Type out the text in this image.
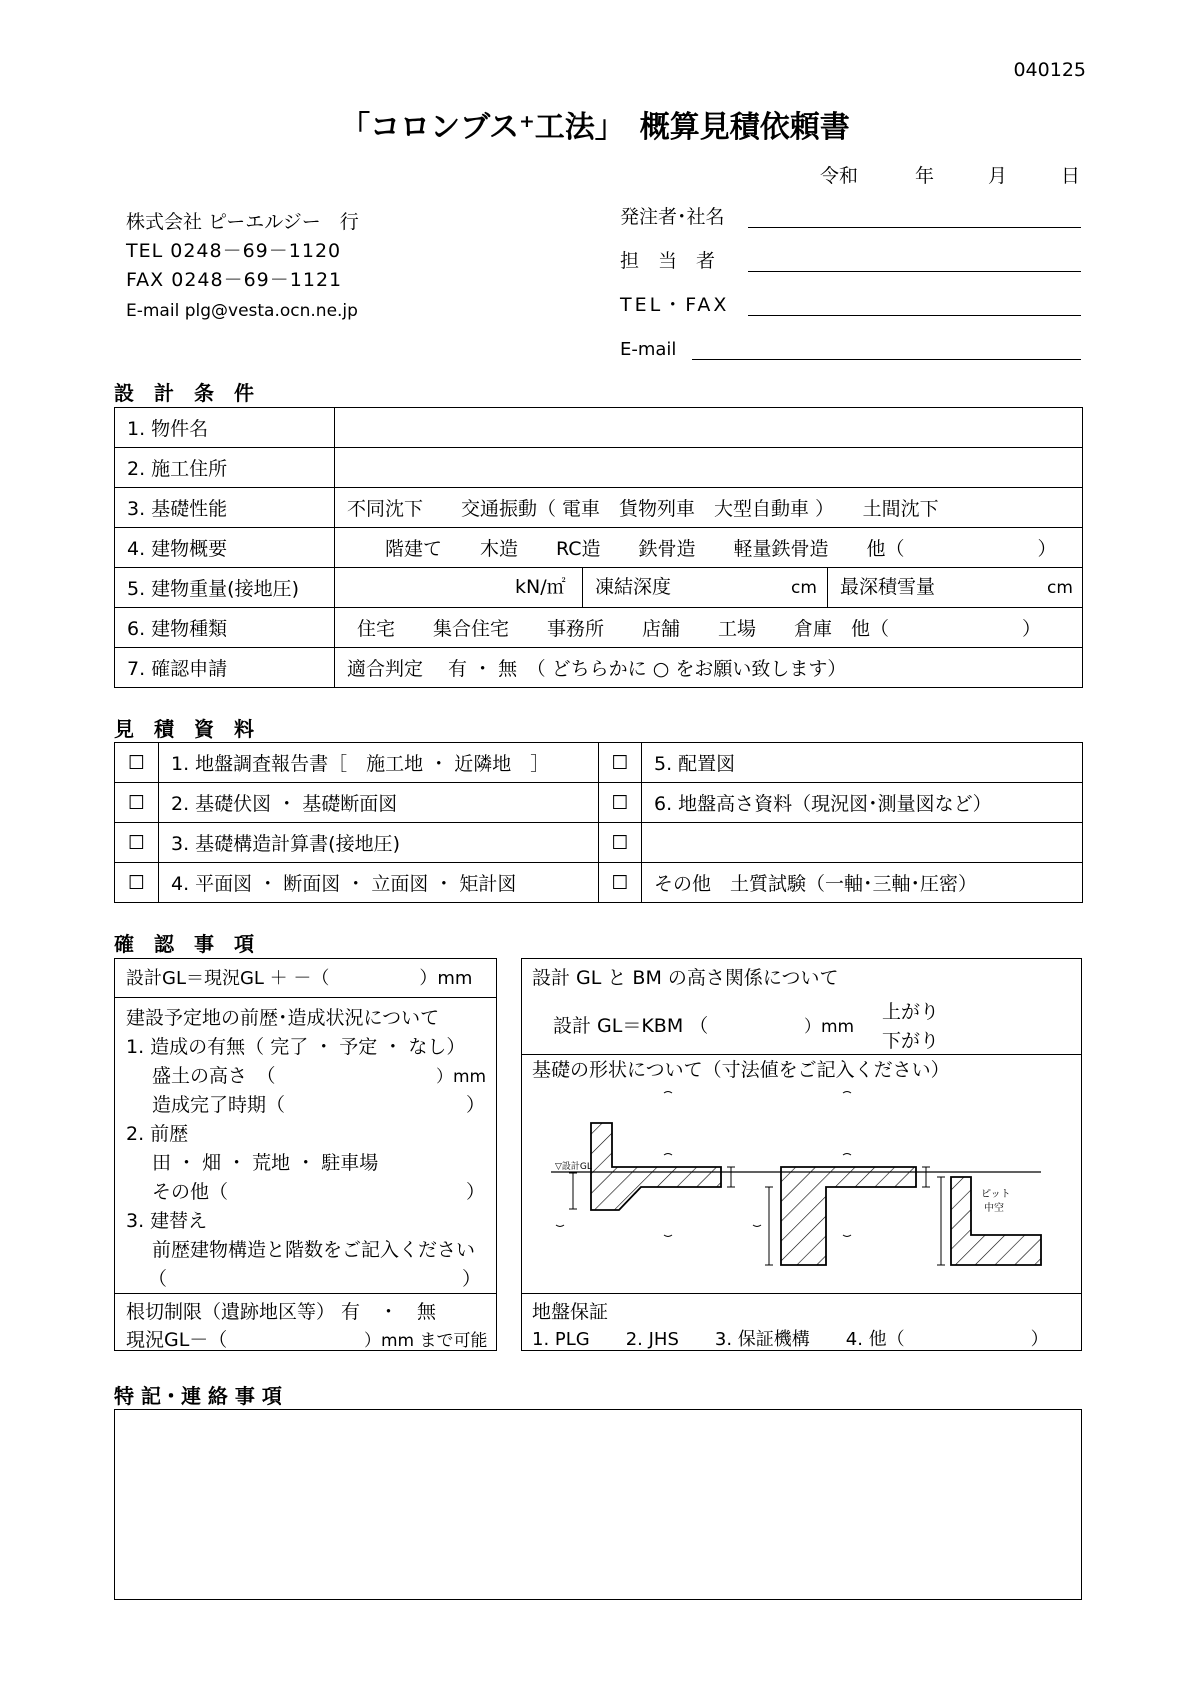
040125
「コロンブス⁺工法」　概算見積依頼書
令和	年	月	日
株式会社 ピーエルジー　行
TEL 0248－69－1120
FAX 0248－69－1121
E-mail plg@vesta.ocn.ne.jp
発注者･社名
担　当　者
TEL・FAX
E-mail
設　計　条　件
1. 物件名	
2. 施工住所	
3. 基礎性能	不同沈下　　交通振動（ 電車　貨物列車　大型自動車 ）　　土間沈下
4. 建物概要	　　階建て　　木造　　RC造　　鉄骨造　　軽量鉄骨造　　他（　　　　　　　）
5. 建物重量(接地圧)	kN/㎡ 凍結深度 cm 最深積雪量 cm

6. 建物種類	住宅　　集合住宅　　事務所　　店舗　　工場　　倉庫　他（　　　　　　　）
7. 確認申請	適合判定　 有 ・ 無　（ どちらかに ○ をお願い致します）
見　積　資　料
☐	1. 地盤調査報告書［　施工地 ・ 近隣地　］	☐	5. 配置図
☐	2. 基礎伏図 ・ 基礎断面図	☐	6. 地盤高さ資料（現況図･測量図など）
☐	3. 基礎構造計算書(接地圧)	☐	
☐	4. 平面図 ・ 断面図 ・ 立面図 ・ 矩計図	☐	その他　土質試験（一軸･三軸･圧密）
確　認　事　項
設計GL＝現況GL ＋ －（　　　　　）mm
建設予定地の前歴･造成状況について
1. 造成の有無（ 完了 ・ 予定 ・ なし）
盛土の高さ　（	）mm
造成完了時期（	）
2. 前歴
田 ・ 畑 ・ 荒地 ・ 駐車場
その他（	）
3. 建替え
前歴建物構造と階数をご記入ください
（	）
根切制限（遺跡地区等） 有　・　無
現況GL－（	）mm まで可能
設計 GL と BM の高さ関係について
設計 GL＝KBM （	）mm
上がり
下がり
基礎の形状について（寸法値をご記入ください）
▽設計GL
ピット
中空
地盤保証
1. PLG　　2. JHS　　3. 保証機構　　4. 他（　　　　　　　）
特 記・連 絡 事 項
